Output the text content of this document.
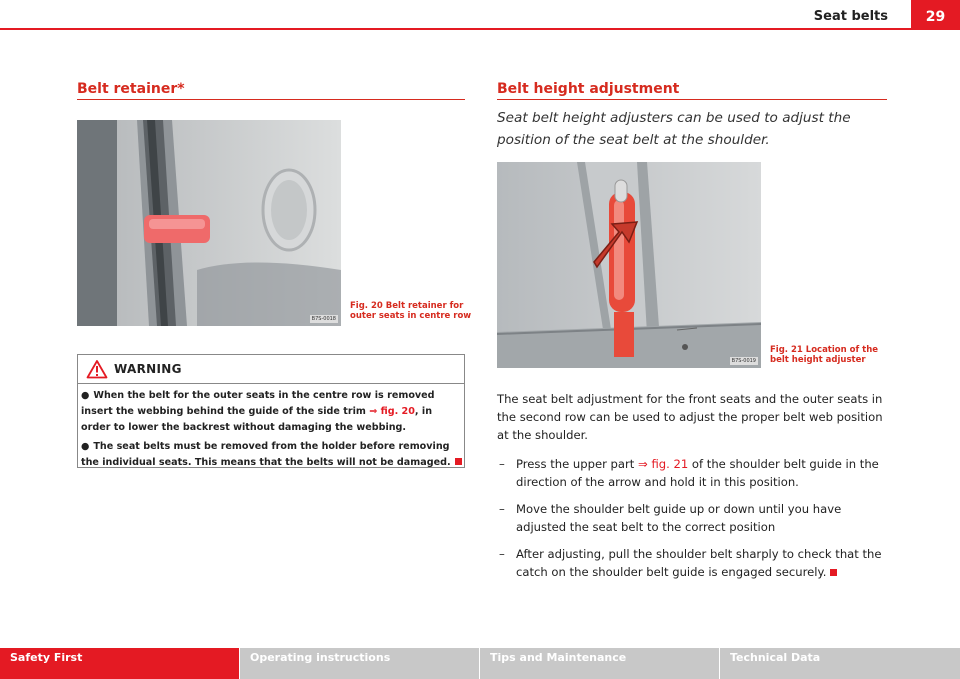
Seat belts	29
Belt retainer*
B7S-0018
Fig. 20 Belt retainer for
outer seats in centre row
WARNING

● When the belt for the outer seats in the centre row is removed insert the webbing behind the guide of the side trim ⇒ fig. 20, in order to lower the backrest without damaging the webbing.

● The seat belts must be removed from the holder before removing the individual seats. This means that the belts will not be damaged.

Belt height adjustment
Seat belt height adjusters can be used to adjust the position of the seat belt at the shoulder.
B7S-0019
Fig. 21 Location of the
belt height adjuster
The seat belt adjustment for the front seats and the outer seats in the second row can be used to adjust the proper belt web position at the shoulder.
– Press the upper part ⇒ fig. 21 of the shoulder belt guide in the direction of the arrow and hold it in this position.
– Move the shoulder belt guide up or down until you have adjusted the seat belt to the correct position
– After adjusting, pull the shoulder belt sharply to check that the catch on the shoulder belt guide is engaged securely.
Safety First	Operating instructions	Tips and Maintenance	Technical Data
